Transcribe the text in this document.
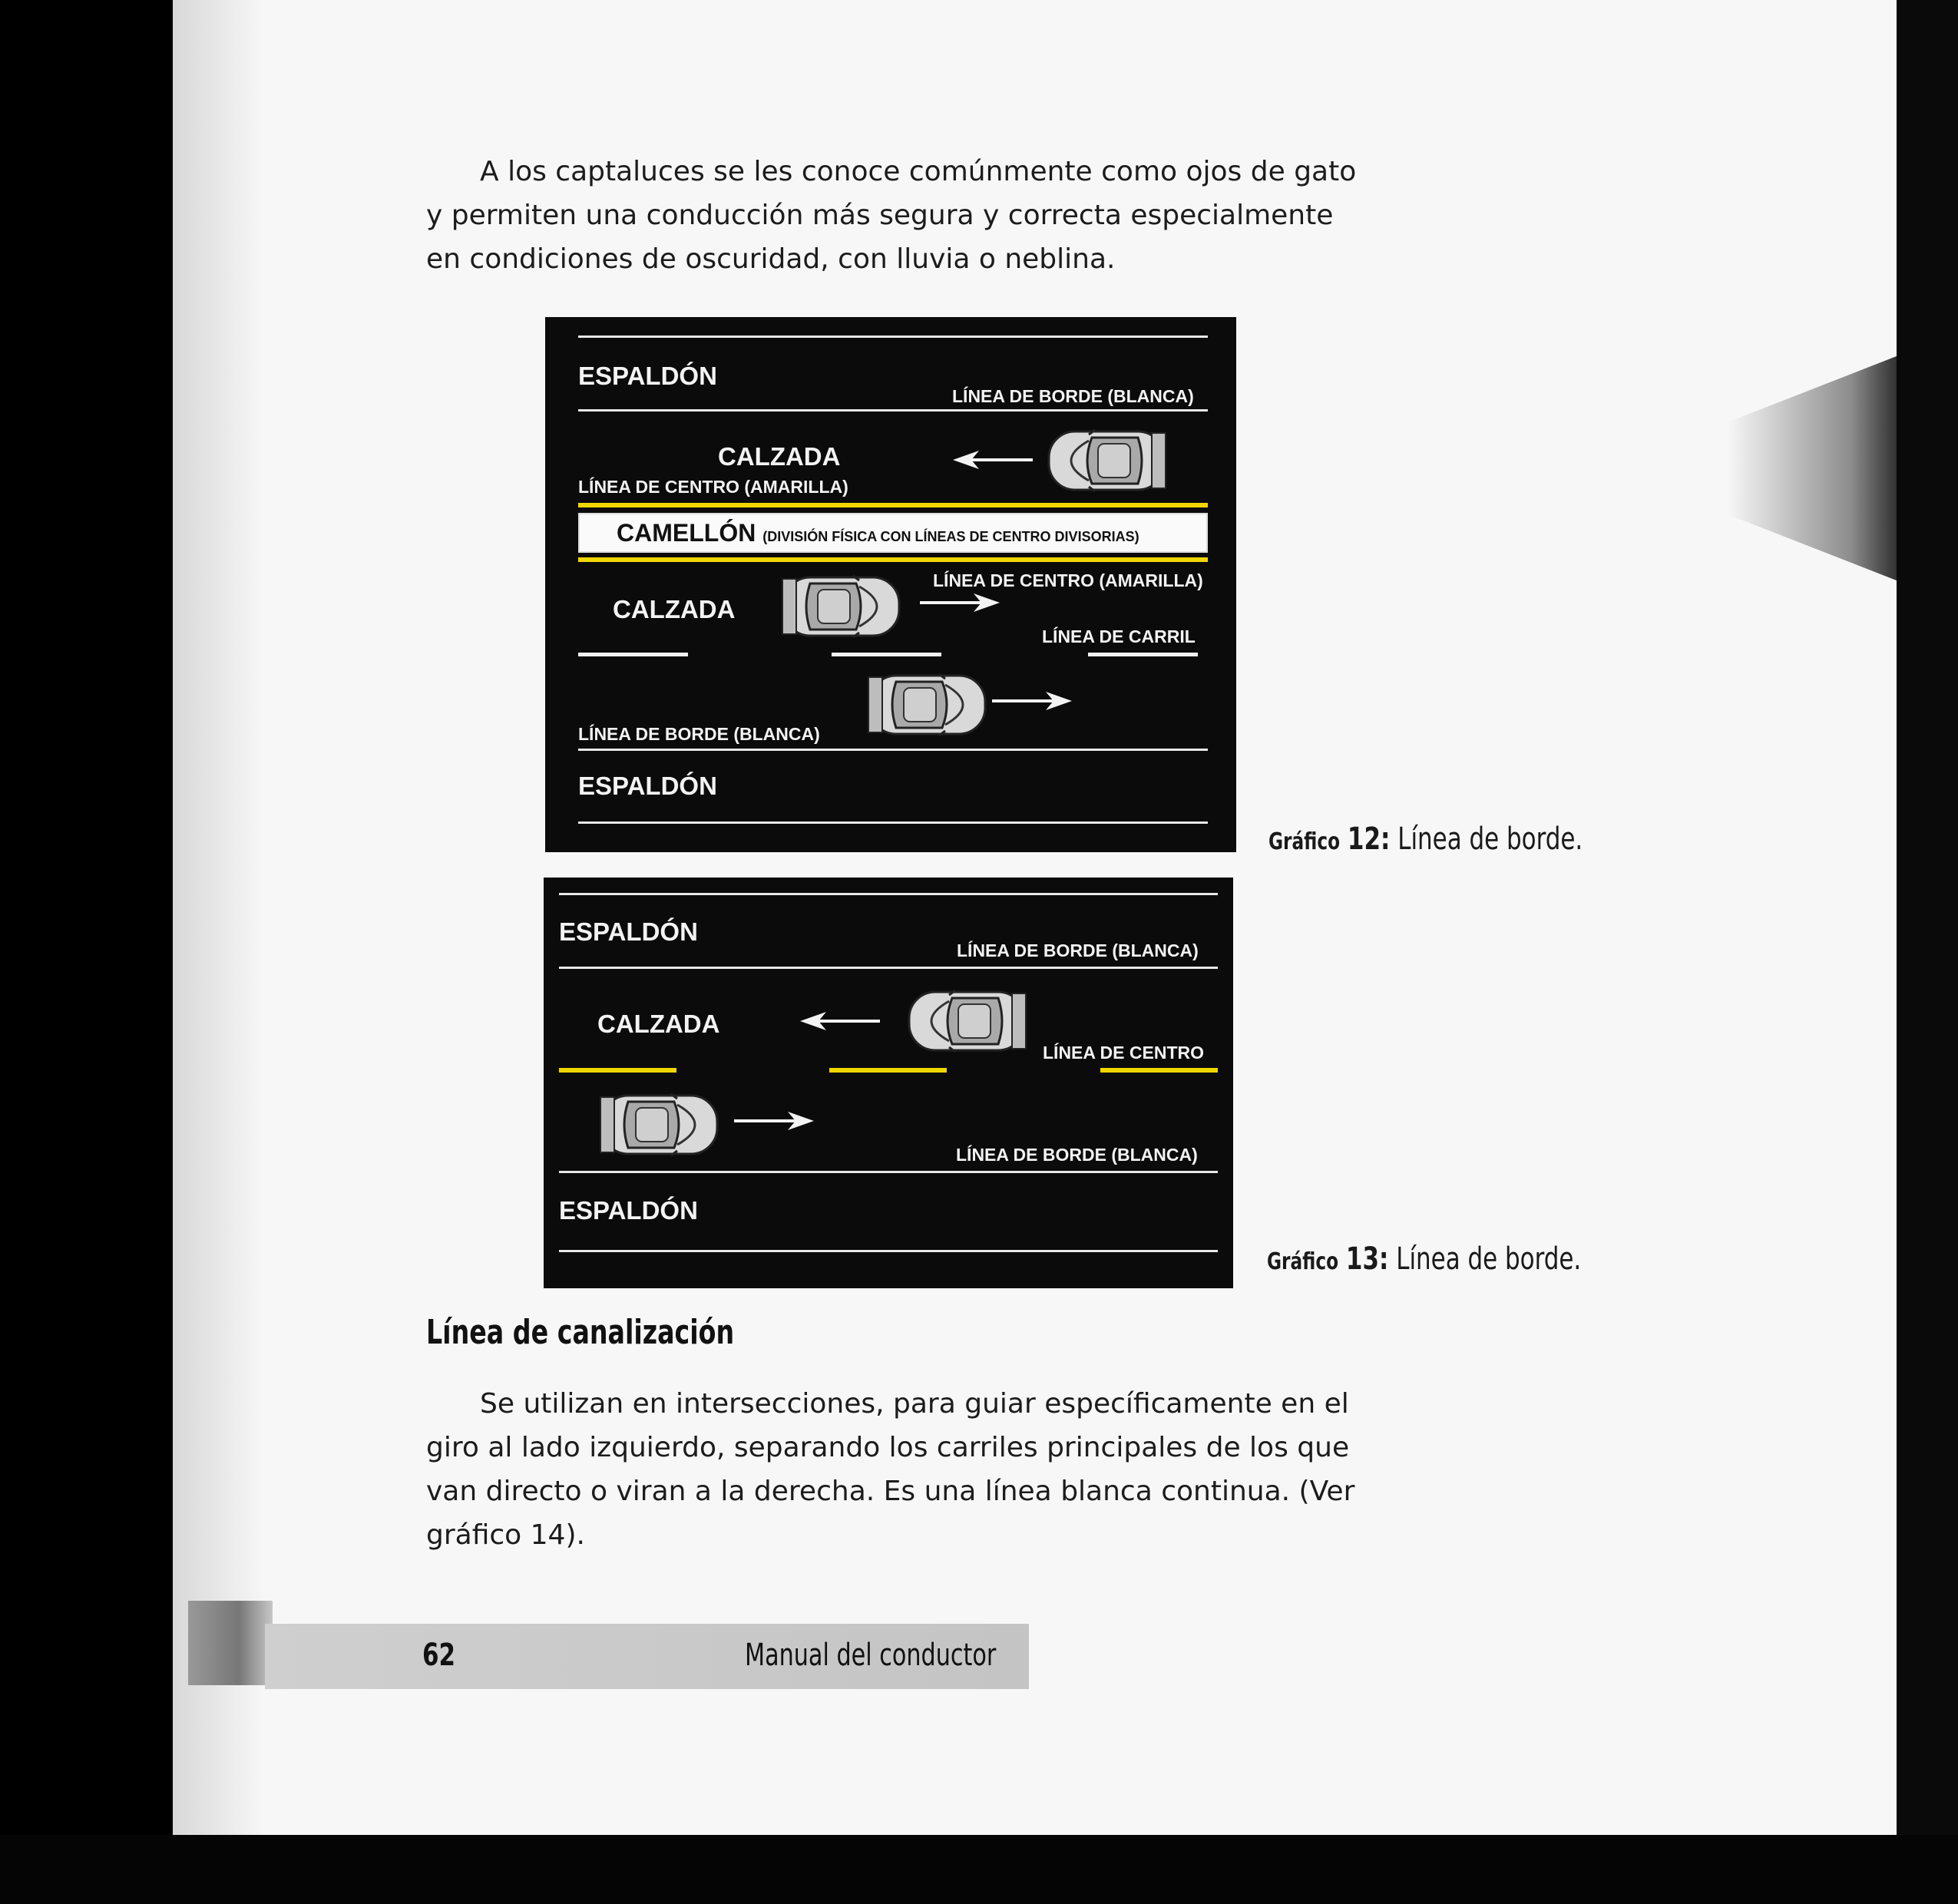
A los captaluces se les conoce comúnmente como ojos de gato
y permiten una conducción más segura y correcta especialmente
en condiciones de oscuridad, con lluvia o neblina.
ESPALDÓN
LÍNEA DE BORDE (BLANCA)
CALZADA
LÍNEA DE CENTRO (AMARILLA)
CAMELLÓN (DIVISIÓN FÍSICA CON LÍNEAS DE CENTRO DIVISORIAS)
LÍNEA DE CENTRO (AMARILLA)
CALZADA
LÍNEA DE CARRIL
LÍNEA DE BORDE (BLANCA)
ESPALDÓN
Gráfico 12: Línea de borde.
ESPALDÓN
LÍNEA DE BORDE (BLANCA)
CALZADA
LÍNEA DE CENTRO
LÍNEA DE BORDE (BLANCA)
ESPALDÓN
Gráfico 13: Línea de borde.
Línea de canalización
Se utilizan en intersecciones, para guiar específicamente en el
giro al lado izquierdo, separando los carriles principales de los que
van directo o viran a la derecha. Es una línea blanca continua. (Ver
gráfico 14).
62	Manual del conductor
